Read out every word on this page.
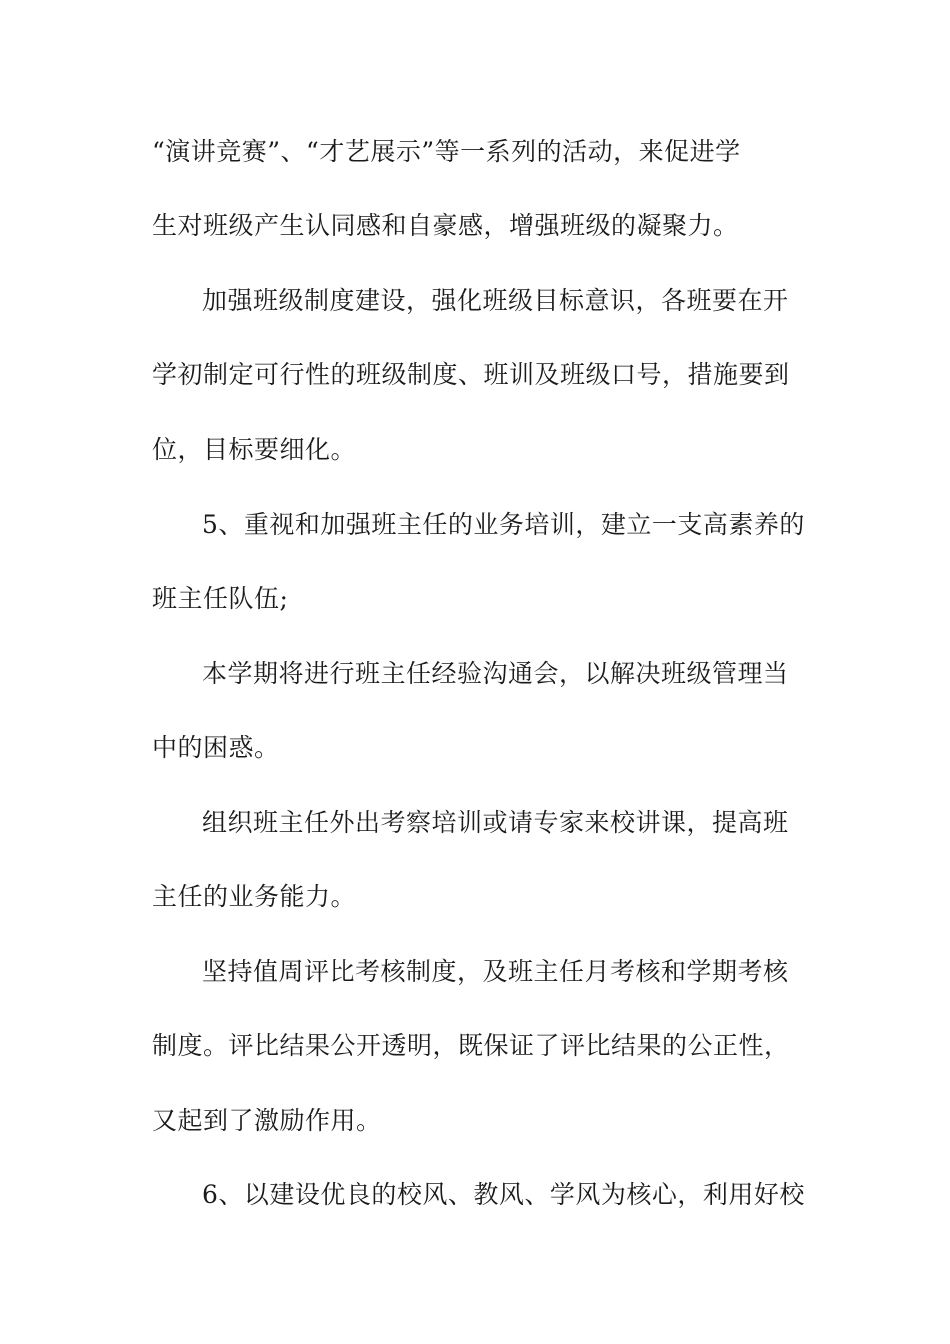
“演讲竞赛”、“才艺展示”等一系列的活动，来促进学
生对班级产生认同感和自豪感，增强班级的凝聚力。
加强班级制度建设，强化班级目标意识，各班要在开
学初制定可行性的班级制度、班训及班级口号，措施要到
位，目标要细化。
5、重视和加强班主任的业务培训，建立一支高素养的
班主任队伍;
本学期将进行班主任经验沟通会，以解决班级管理当
中的困惑。
组织班主任外出考察培训或请专家来校讲课，提高班
主任的业务能力。
坚持值周评比考核制度，及班主任月考核和学期考核
制度。评比结果公开透明，既保证了评比结果的公正性，
又起到了激励作用。
6、以建设优良的校风、教风、学风为核心，利用好校
